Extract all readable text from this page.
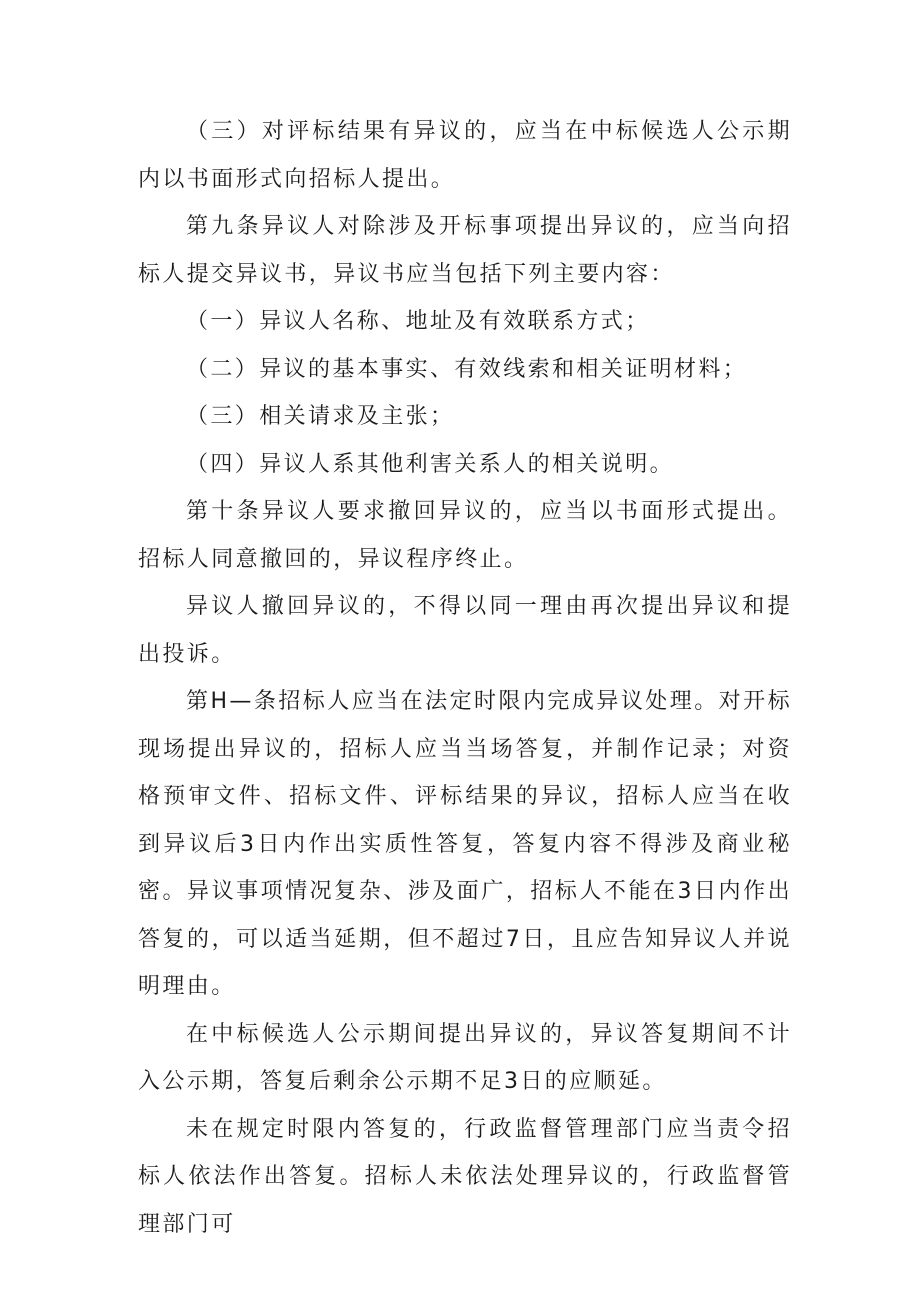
（三）对评标结果有异议的，应当在中标候选人公示期内以书面形式向招标人提出。

第九条异议人对除涉及开标事项提出异议的，应当向招标人提交异议书，异议书应当包括下列主要内容：

（一）异议人名称、地址及有效联系方式；

（二）异议的基本事实、有效线索和相关证明材料；

（三）相关请求及主张；

（四）异议人系其他利害关系人的相关说明。

第十条异议人要求撤回异议的，应当以书面形式提出。招标人同意撤回的，异议程序终止。

异议人撤回异议的，不得以同一理由再次提出异议和提出投诉。

第H—条招标人应当在法定时限内完成异议处理。对开标现场提出异议的，招标人应当当场答复，并制作记录；对资格预审文件、招标文件、评标结果的异议，招标人应当在收到异议后3日内作出实质性答复，答复内容不得涉及商业秘密。异议事项情况复杂、涉及面广，招标人不能在3日内作出答复的，可以适当延期，但不超过7日，且应告知异议人并说明理由。

在中标候选人公示期间提出异议的，异议答复期间不计入公示期，答复后剩余公示期不足3日的应顺延。

未在规定时限内答复的，行政监督管理部门应当责令招标人依法作出答复。招标人未依法处理异议的，行政监督管理部门可
